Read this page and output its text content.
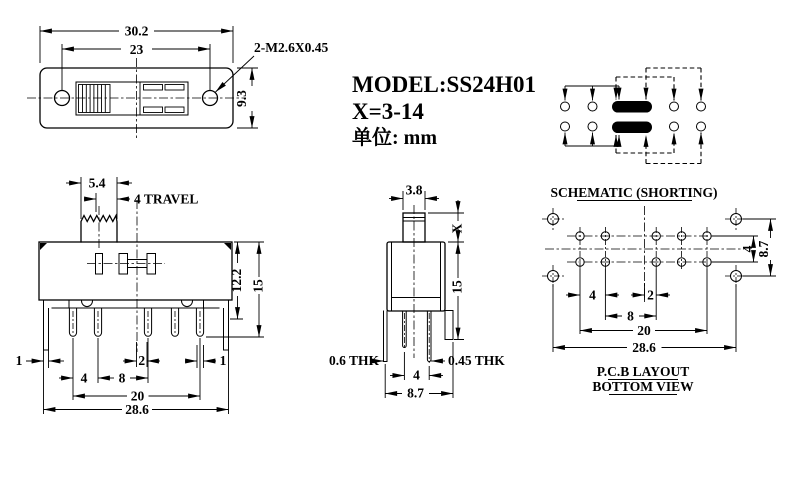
30.2
23
9.3
2-M2.6X0.45
MODEL:SS24H01
X=3-14
单位: mm
SCHEMATIC (SHORTING)
5.4
4 TRAVEL
12.2 15
1	1
2
4 8
20
28.6
3.8
X
15
0.6 THK	0.45 THK
4
8.7
4 8.7
4	2
8
20
28.6
P.C.B LAYOUT
BOTTOM VIEW
